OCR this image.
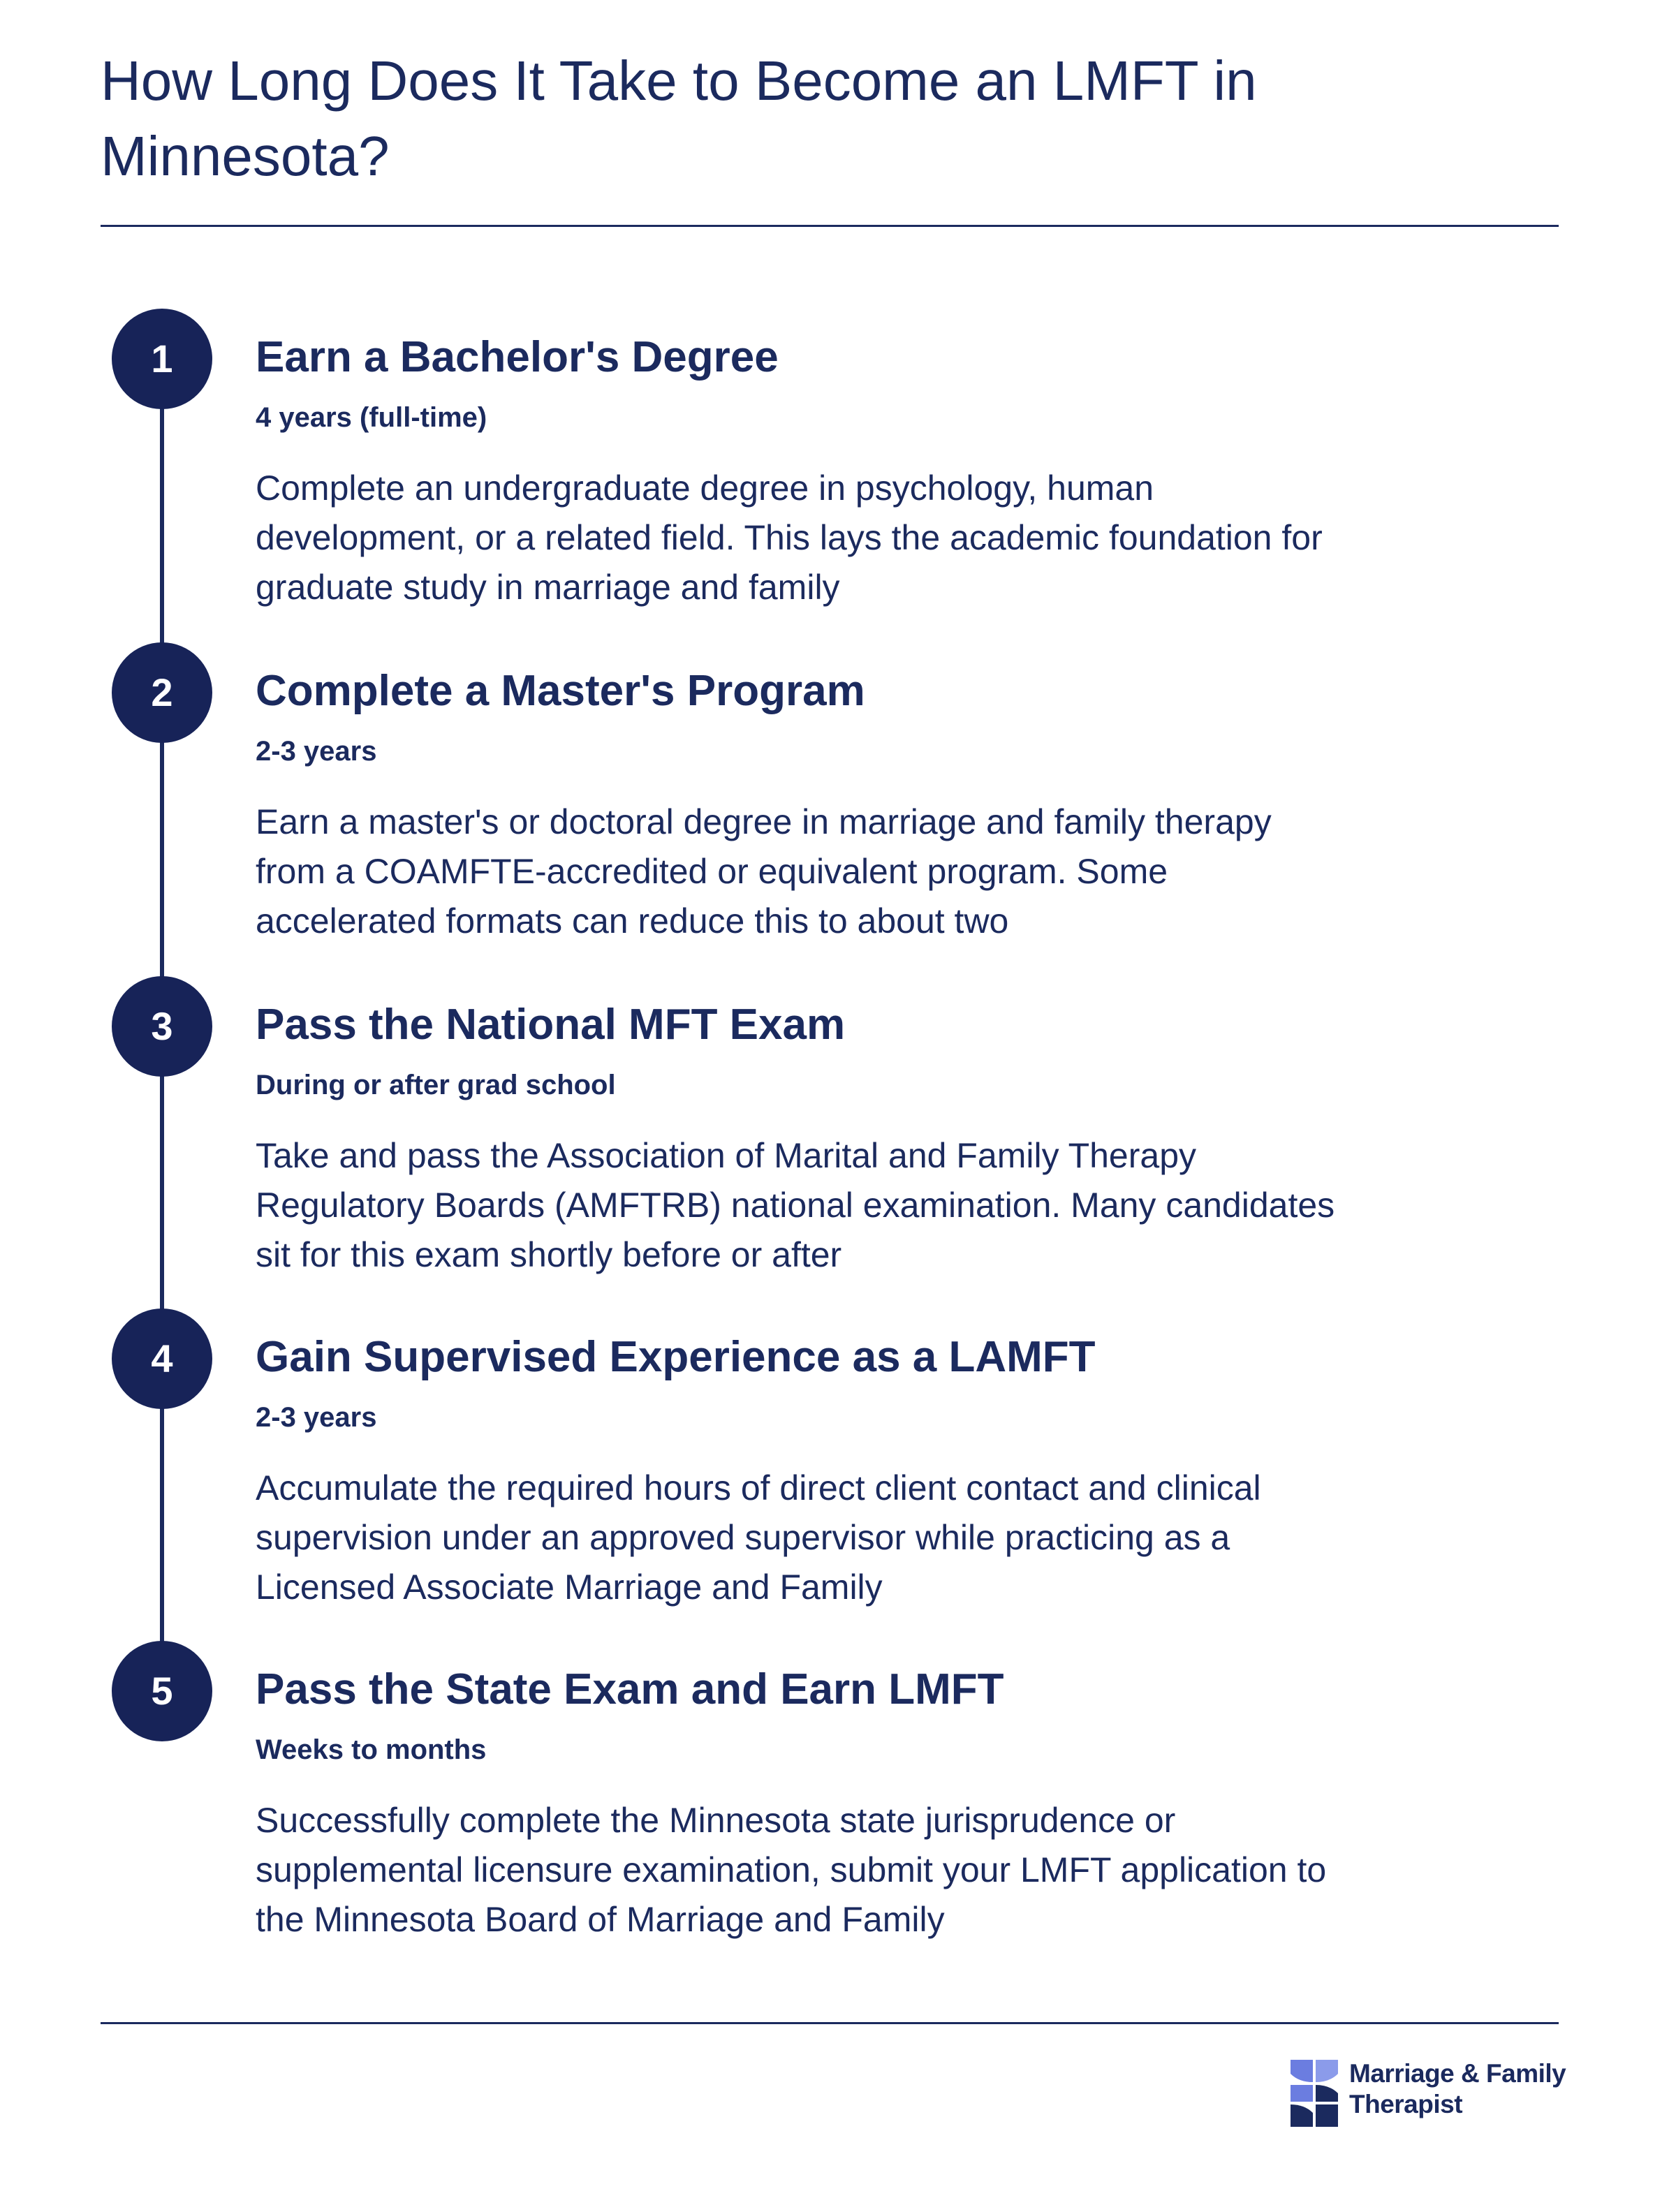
How Long Does It Take to Become an LMFT in Minnesota?
1	Earn a Bachelor's Degree
4 years (full-time)

Complete an undergraduate degree in psychology, human development, or a related field. This lays the academic foundation for graduate study in marriage and family

2	Complete a Master's Program
2-3 years

Earn a master's or doctoral degree in marriage and family therapy from a COAMFTE-accredited or equivalent program. Some accelerated formats can reduce this to about two

3	Pass the National MFT Exam
During or after grad school

Take and pass the Association of Marital and Family Therapy Regulatory Boards (AMFTRB) national examination. Many candidates sit for this exam shortly before or after

4	Gain Supervised Experience as a LAMFT
2-3 years

Accumulate the required hours of direct client contact and clinical supervision under an approved supervisor while practicing as a Licensed Associate Marriage and Family

5	Pass the State Exam and Earn LMFT
Weeks to months

Successfully complete the Minnesota state jurisprudence or supplemental licensure examination, submit your LMFT application to the Minnesota Board of Marriage and Family

Marriage & Family
Therapist
